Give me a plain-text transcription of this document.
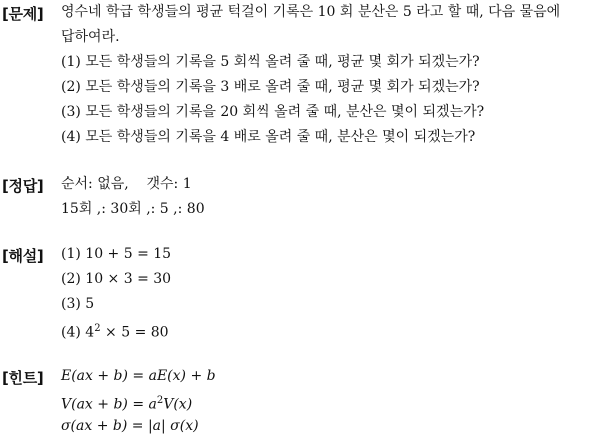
[문제] 영수네 학급 학생들의 평균 턱걸이 기록은 10 회 분산은 5 라고 할 때, 다음 물음에
답하여라.
(1) 모든 학생들의 기록을 5 회씩 올려 줄 때, 평균 몇 회가 되겠는가?
(2) 모든 학생들의 기록을 3 배로 올려 줄 때, 평균 몇 회가 되겠는가?
(3) 모든 학생들의 기록을 20 회씩 올려 줄 때, 분산은 몇이 되겠는가?
(4) 모든 학생들의 기록을 4 배로 올려 줄 때, 분산은 몇이 되겠는가?
[정답] 순서: 없음,    갯수: 1
15회 ,: 30회 ,: 5 ,: 80
[해설] (1) 10 + 5 = 15
(2) 10 × 3 = 30
(3) 5
(4) $4^2 \times 5 = 80$
[힌트] E(ax + b) = aE(x) + b
$V(ax + b) = a^2V(x)$
σ(ax + b) = |a| σ(x)
